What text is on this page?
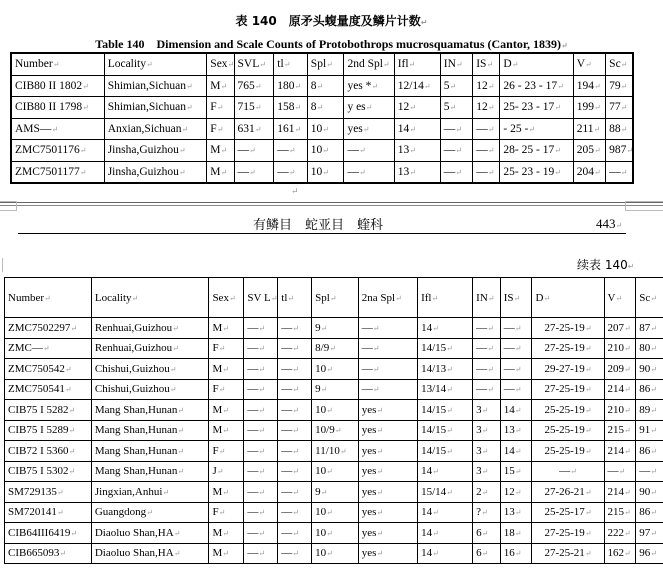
表 140　原矛头蝮量度及鳞片计数 ↵
Table 140　Dimension and Scale Counts of Protobothrops mucrosquamatus (Cantor, 1839) ↵
Number ↵	Locality ↵	Sex ↵	SVL ↵	tl ↵	Spl ↵	2nd Spl ↵	Ifl ↵	IN ↵	IS ↵	D ↵	V ↵	Sc ↵
CIB80 II 1802 ↵	Shimian,Sichuan ↵	M ↵	765 ↵	180 ↵	8 ↵	yes * ↵	12/14 ↵	5 ↵	12 ↵	26 - 23 - 17 ↵	194 ↵	79 ↵
CIB80 II 1798 ↵	Shimian,Sichuan ↵	F ↵	715 ↵	158 ↵	8 ↵	y es ↵	12 ↵	5 ↵	12 ↵	25- 23 - 17 ↵	199 ↵	77 ↵
AMS— ↵	Anxian,Sichuan ↵	F ↵	631 ↵	161 ↵	10 ↵	yes ↵	14 ↵	— ↵	— ↵	- 25 - ↵	211 ↵	88 ↵
ZMC7501176 ↵	Jinsha,Guizhou ↵	M ↵	— ↵	— ↵	10 ↵	— ↵	13 ↵	— ↵	— ↵	28- 25 - 17 ↵	205 ↵	987 ↵
ZMC7501177 ↵	Jinsha,Guizhou ↵	M ↵	— ↵	— ↵	10 ↵	— ↵	13 ↵	— ↵	— ↵	25- 23 - 19 ↵	204 ↵	— ↵
↵
有鳞目　蛇亚目　蝰科	443 ↵
续表 140 ↵
Number ↵	Locality ↵	Sex ↵	SV L ↵	tl ↵	Spl ↵	2na Spl ↵	Ifl ↵	IN ↵	IS ↵	D ↵	V ↵	Sc ↵
ZMC7502297 ↵	Renhuai,Guizhou ↵	M ↵	— ↵	— ↵	9 ↵	— ↵	14 ↵	— ↵	— ↵	27-25-19 ↵	207 ↵	87 ↵
ZMC— ↵	Renhuai,Guizhou ↵	F ↵	— ↵	— ↵	8/9 ↵	— ↵	14/15 ↵	— ↵	— ↵	27-25-19 ↵	210 ↵	80 ↵
ZMC750542 ↵	Chishui,Guizhou ↵	M ↵	— ↵	— ↵	10 ↵	— ↵	14/13 ↵	— ↵	— ↵	29-27-19 ↵	209 ↵	90 ↵
ZMC750541 ↵	Chishui,Guizhou ↵	F ↵	— ↵	— ↵	9 ↵	— ↵	13/14 ↵	— ↵	— ↵	27-25-19 ↵	214 ↵	86 ↵
CIB75 I 5282 ↵	Mang Shan,Hunan ↵	M ↵	— ↵	— ↵	10 ↵	yes ↵	14/15 ↵	3 ↵	14 ↵	25-25-19 ↵	210 ↵	89 ↵
CIB75 I 5289 ↵	Mang Shan,Hunan ↵	M ↵	— ↵	— ↵	10/9 ↵	yes ↵	14/15 ↵	3 ↵	13 ↵	25-25-19 ↵	215 ↵	91 ↵
CIB72 I 5360 ↵	Mang Shan,Hunan ↵	F ↵	— ↵	— ↵	11/10 ↵	yes ↵	14/15 ↵	3 ↵	14 ↵	25-25-19 ↵	214 ↵	86 ↵
CIB75 I 5302 ↵	Mang Shan,Hunan ↵	J ↵	— ↵	— ↵	10 ↵	yes ↵	14 ↵	3 ↵	15 ↵	— ↵	— ↵	— ↵
SM729135 ↵	Jingxian,Anhui ↵	M ↵	— ↵	— ↵	9 ↵	yes ↵	15/14 ↵	2 ↵	12 ↵	27-26-21 ↵	214 ↵	90 ↵
SM720141 ↵	Guangdong ↵	F ↵	— ↵	— ↵	10 ↵	yes ↵	14 ↵	? ↵	13 ↵	25-25-17 ↵	215 ↵	86 ↵
CIB64III6419 ↵	Diaoluo Shan,HA ↵	M ↵	— ↵	— ↵	10 ↵	yes ↵	14 ↵	6 ↵	18 ↵	27-25-19 ↵	222 ↵	97 ↵
CIB665093 ↵	Diaoluo Shan,HA ↵	M ↵	— ↵	— ↵	10 ↵	yes ↵	14 ↵	6 ↵	16 ↵	27-25-21 ↵	162 ↵	96 ↵
